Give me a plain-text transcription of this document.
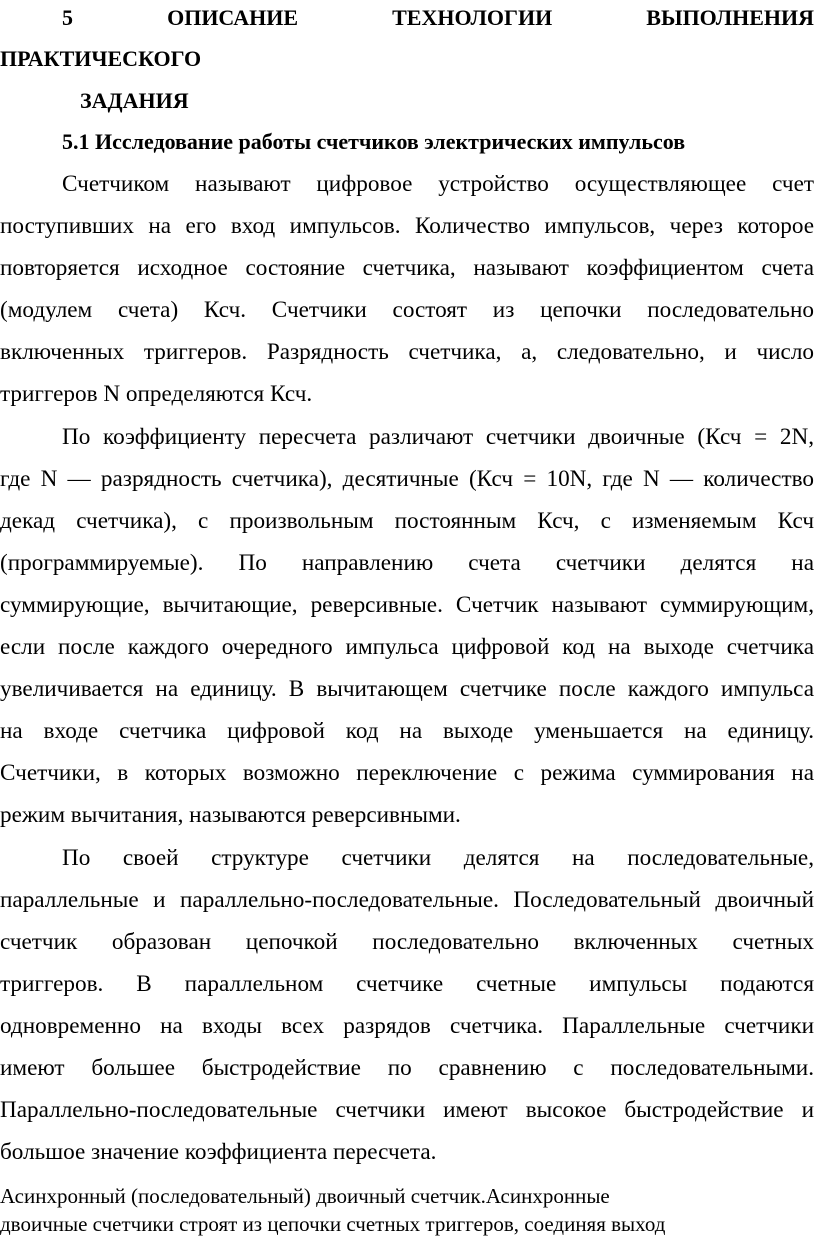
5	ОПИСАНИЕ	ТЕХНОЛОГИИ	ВЫПОЛНЕНИЯ
ПРАКТИЧЕСКОГО
ЗАДАНИЯ
5.1 Исследование работы счетчиков электрических импульсов
Счетчиком называют цифровое устройство осуществляющее счет
поступивших на его вход импульсов. Количество импульсов, через которое
повторяется исходное состояние счетчика, называют коэффициентом счета
(модулем счета) Ксч. Счетчики состоят из цепочки последовательно
включенных триггеров. Разрядность счетчика, а, следовательно, и число
триггеров N определяются Ксч.
По коэффициенту пересчета различают счетчики двоичные (Ксч = 2N,
где N — разрядность счетчика), десятичные (Ксч = 10N, где N — количество
декад счетчика), с произвольным постоянным Ксч, с изменяемым Ксч
(программируемые). По направлению счета счетчики делятся на
суммирующие, вычитающие, реверсивные. Счетчик называют суммирующим,
если после каждого очередного импульса цифровой код на выходе счетчика
увеличивается на единицу. В вычитающем счетчике после каждого импульса
на входе счетчика цифровой код на выходе уменьшается на единицу.
Счетчики, в которых возможно переключение с режима суммирования на
режим вычитания, называются реверсивными.
По своей структуре счетчики делятся на последовательные,
параллельные и параллельно-последовательные. Последовательный двоичный
счетчик образован цепочкой последовательно включенных счетных
триггеров. В параллельном счетчике счетные импульсы подаются
одновременно на входы всех разрядов счетчика. Параллельные счетчики
имеют большее быстродействие по сравнению с последовательными.
Параллельно-последовательные счетчики имеют высокое быстродействие и
большое значение коэффициента пересчета.
Асинхронный (последовательный) двоичный счетчик.Асинхронные
двоичные счетчики строят из цепочки счетных триггеров, соединяя выход
